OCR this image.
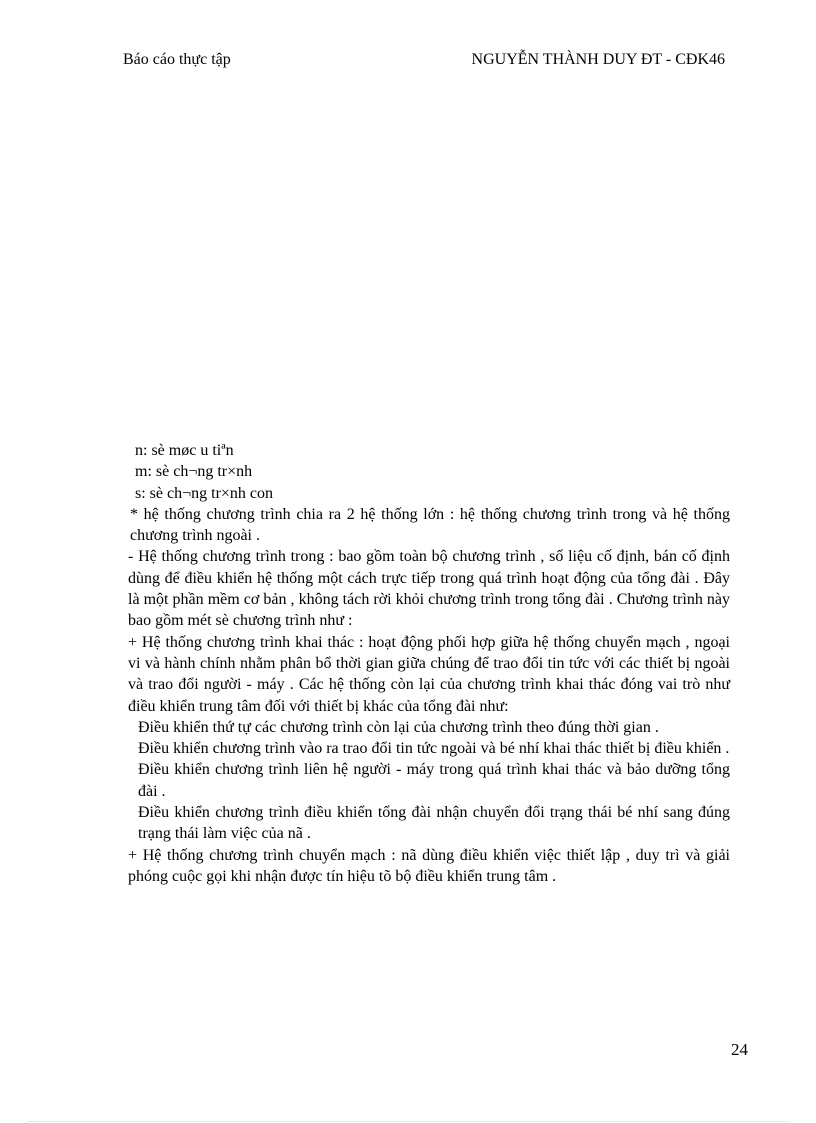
Báo cáo thực tập	NGUYỄN THÀNH DUY ĐT - CĐK46

n: sè møc u tiªn

m: sè ch¬ng tr×nh

s: sè ch¬ng tr×nh con

* hệ thống chương trình chia ra 2 hệ thống lớn : hệ thống chương trình trong và hệ thống chương trình ngoài .

- Hệ thống chương trình trong : bao gồm toàn bộ chương trình , số liệu cố định, bán cố định dùng để điều khiển hệ thống một cách trực tiếp trong quá trình hoạt động của tổng đài . Đây là một phần mềm cơ bản , không tách rời khỏi chương trình trong tổng đài . Chương trình này bao gồm mét sè chương trình như :

+ Hệ thống chương trình khai thác : hoạt động phối hợp giữa hệ thống chuyển mạch , ngoại vi và hành chính nhằm phân bổ thời gian giữa chúng để trao đổi tin tức với các thiết bị ngoài và trao đổi người - máy . Các hệ thống còn lại của chương trình khai thác đóng vai trò như điều khiển trung tâm đối với thiết bị khác của tổng đài như:

Điều khiển thứ tự các chương trình còn lại của chương trình theo đúng thời gian .

Điều khiển chương trình vào ra trao đổi tin tức ngoài và bé nhí khai thác thiết bị điều khiển .

Điều khiển chương trình liên hệ người - máy trong quá trình khai thác và bảo dưỡng tổng đài .

Điều khiển chương trình điều khiển tổng đài nhận chuyển đổi trạng thái bé nhí sang đúng trạng thái làm việc của nã .

+ Hệ thống chương trình chuyển mạch : nã dùng điều khiển việc thiết lập , duy trì và giải phóng cuộc gọi khi nhận được tín hiệu tõ bộ điều khiển trung tâm .

24
